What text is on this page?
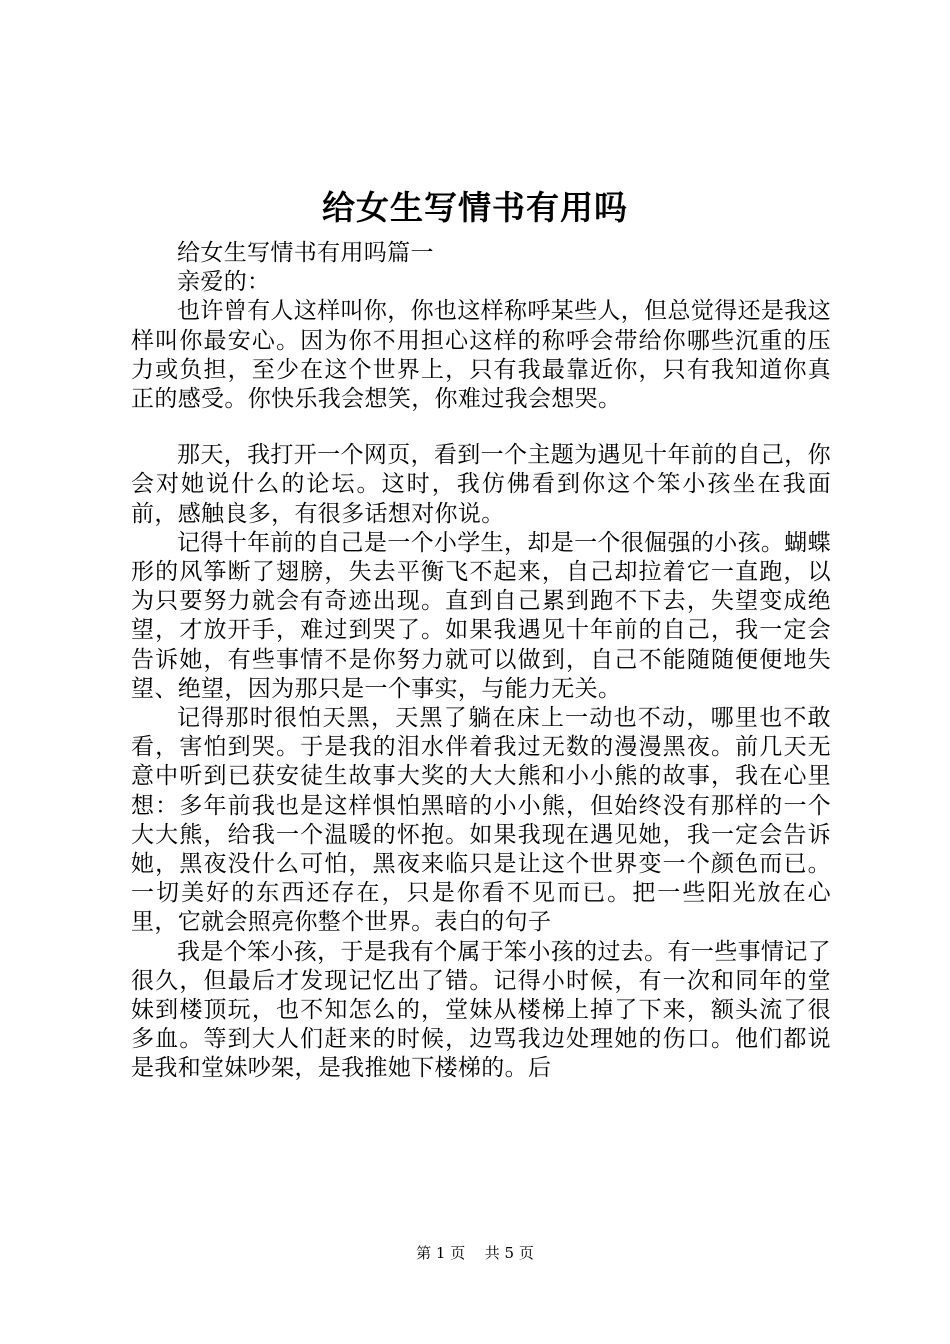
给女生写情书有用吗

给女生写情书有用吗篇一

亲爱的：

也许曾有人这样叫你，你也这样称呼某些人，但总觉得还是我这样叫你最安心。因为你不用担心这样的称呼会带给你哪些沉重的压力或负担，至少在这个世界上，只有我最靠近你，只有我知道你真正的感受。你快乐我会想笑，你难过我会想哭。

那天，我打开一个网页，看到一个主题为遇见十年前的自己，你会对她说什么的论坛。这时，我仿佛看到你这个笨小孩坐在我面前，感触良多，有很多话想对你说。

记得十年前的自己是一个小学生，却是一个很倔强的小孩。蝴蝶形的风筝断了翅膀，失去平衡飞不起来，自己却拉着它一直跑，以为只要努力就会有奇迹出现。直到自己累到跑不下去，失望变成绝望，才放开手，难过到哭了。如果我遇见十年前的自己，我一定会告诉她，有些事情不是你努力就可以做到，自己不能随随便便地失望、绝望，因为那只是一个事实，与能力无关。

记得那时很怕天黑，天黑了躺在床上一动也不动，哪里也不敢看，害怕到哭。于是我的泪水伴着我过无数的漫漫黑夜。前几天无意中听到已获安徒生故事大奖的大大熊和小小熊的故事，我在心里想：多年前我也是这样惧怕黑暗的小小熊，但始终没有那样的一个大大熊，给我一个温暖的怀抱。如果我现在遇见她，我一定会告诉她，黑夜没什么可怕，黑夜来临只是让这个世界变一个颜色而已。一切美好的东西还存在，只是你看不见而已。把一些阳光放在心里，它就会照亮你整个世界。表白的句子

我是个笨小孩，于是我有个属于笨小孩的过去。有一些事情记了很久，但最后才发现记忆出了错。记得小时候，有一次和同年的堂妹到楼顶玩，也不知怎么的，堂妹从楼梯上掉了下来，额头流了很多血。等到大人们赶来的时候，边骂我边处理她的伤口。他们都说是我和堂妹吵架，是我推她下楼梯的。后

第 1 页 共 5 页
